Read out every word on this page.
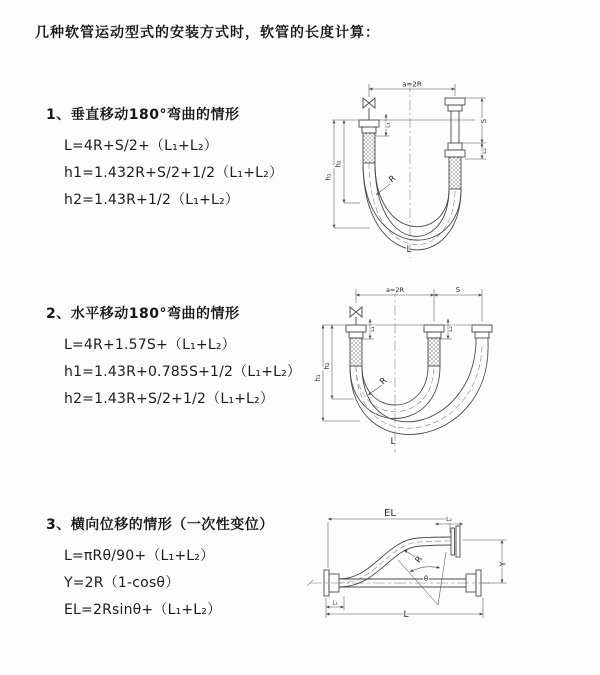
几种软管运动型式的安装方式时，软管的长度计算：
1、垂直移动180°弯曲的情形
L=4R+S/2+（L₁+L₂）
h1=1.432R+S/2+1/2（L₁+L₂）
h2=1.43R+1/2（L₁+L₂）
a=2R
h₁
h₂
L₁
S
L₂
R
L
2、水平移动180°弯曲的情形
L=4R+1.57S+（L₁+L₂）
h1=1.43R+0.785S+1/2（L₁+L₂）
h2=1.43R+S/2+1/2（L₁+L₂）
a=2R	S
h₁
h₂
L₁	L₂
R
L
3、横向位移的情形（一次性变位）
L=πRθ/90+（L₁+L₂）
Y=2R（1-cosθ）
EL=2Rsinθ+（L₁+L₂）
EL
L₂
Y
R
θ
L
L₁
